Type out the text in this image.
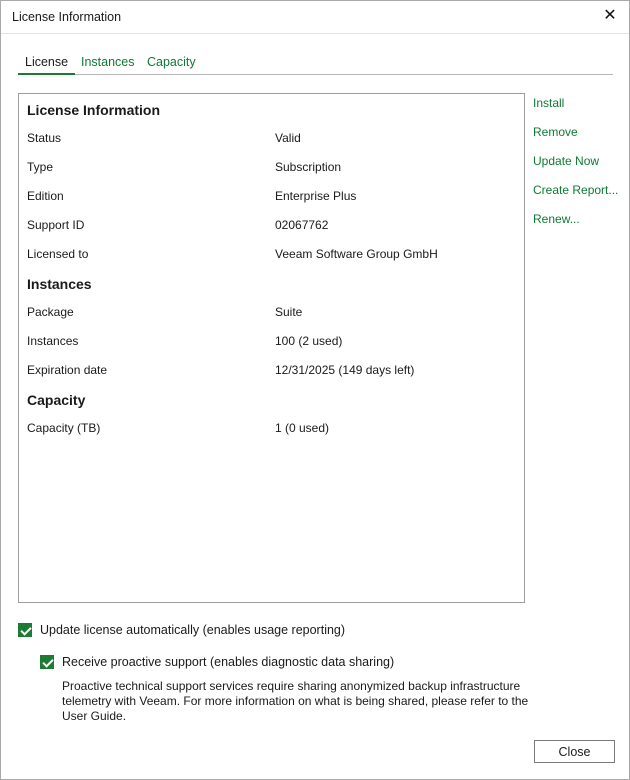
License Information	✕
License	Instances Capacity
License Information
Status	Valid
Type	Subscription
Edition	Enterprise Plus
Support ID	02067762
Licensed to	Veeam Software Group GmbH
Instances
Package	Suite
Instances	100 (2 used)
Expiration date	12/31/2025 (149 days left)
Capacity
Capacity (TB)	1 (0 used)
Install
Remove
Update Now
Create Report...
Renew...
Update license automatically (enables usage reporting)
Receive proactive support (enables diagnostic data sharing)
Proactive technical support services require sharing anonymized backup infrastructure telemetry with Veeam. For more information on what is being shared, please refer to the User Guide.
Close
